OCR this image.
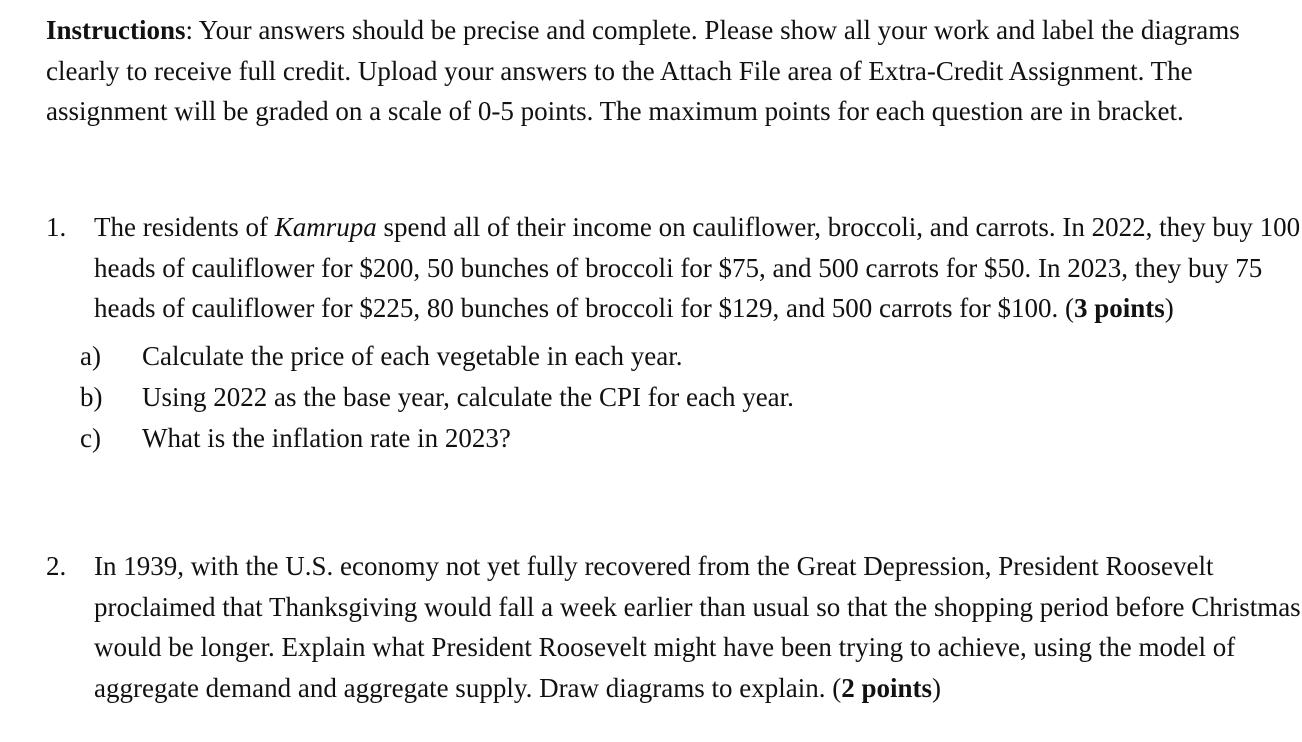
Instructions: Your answers should be precise and complete. Please show all your work and label the diagrams clearly to receive full credit. Upload your answers to the Attach File area of Extra-Credit Assignment. The assignment will be graded on a scale of 0-5 points. The maximum points for each question are in bracket.

1.	The residents of Kamrupa spend all of their income on cauliflower, broccoli, and carrots. In 2022, they buy 100 heads of cauliflower for $200, 50 bunches of broccoli for $75, and 500 carrots for $50. In 2023, they buy 75 heads of cauliflower for $225, 80 bunches of broccoli for $129, and 500 carrots for $100. (3 points)
a)	Calculate the price of each vegetable in each year.
b)	Using 2022 as the base year, calculate the CPI for each year.
c)	What is the inflation rate in 2023?
2.	In 1939, with the U.S. economy not yet fully recovered from the Great Depression, President Roosevelt proclaimed that Thanksgiving would fall a week earlier than usual so that the shopping period before Christmas would be longer. Explain what President Roosevelt might have been trying to achieve, using the model of aggregate demand and aggregate supply. Draw diagrams to explain. (2 points)
